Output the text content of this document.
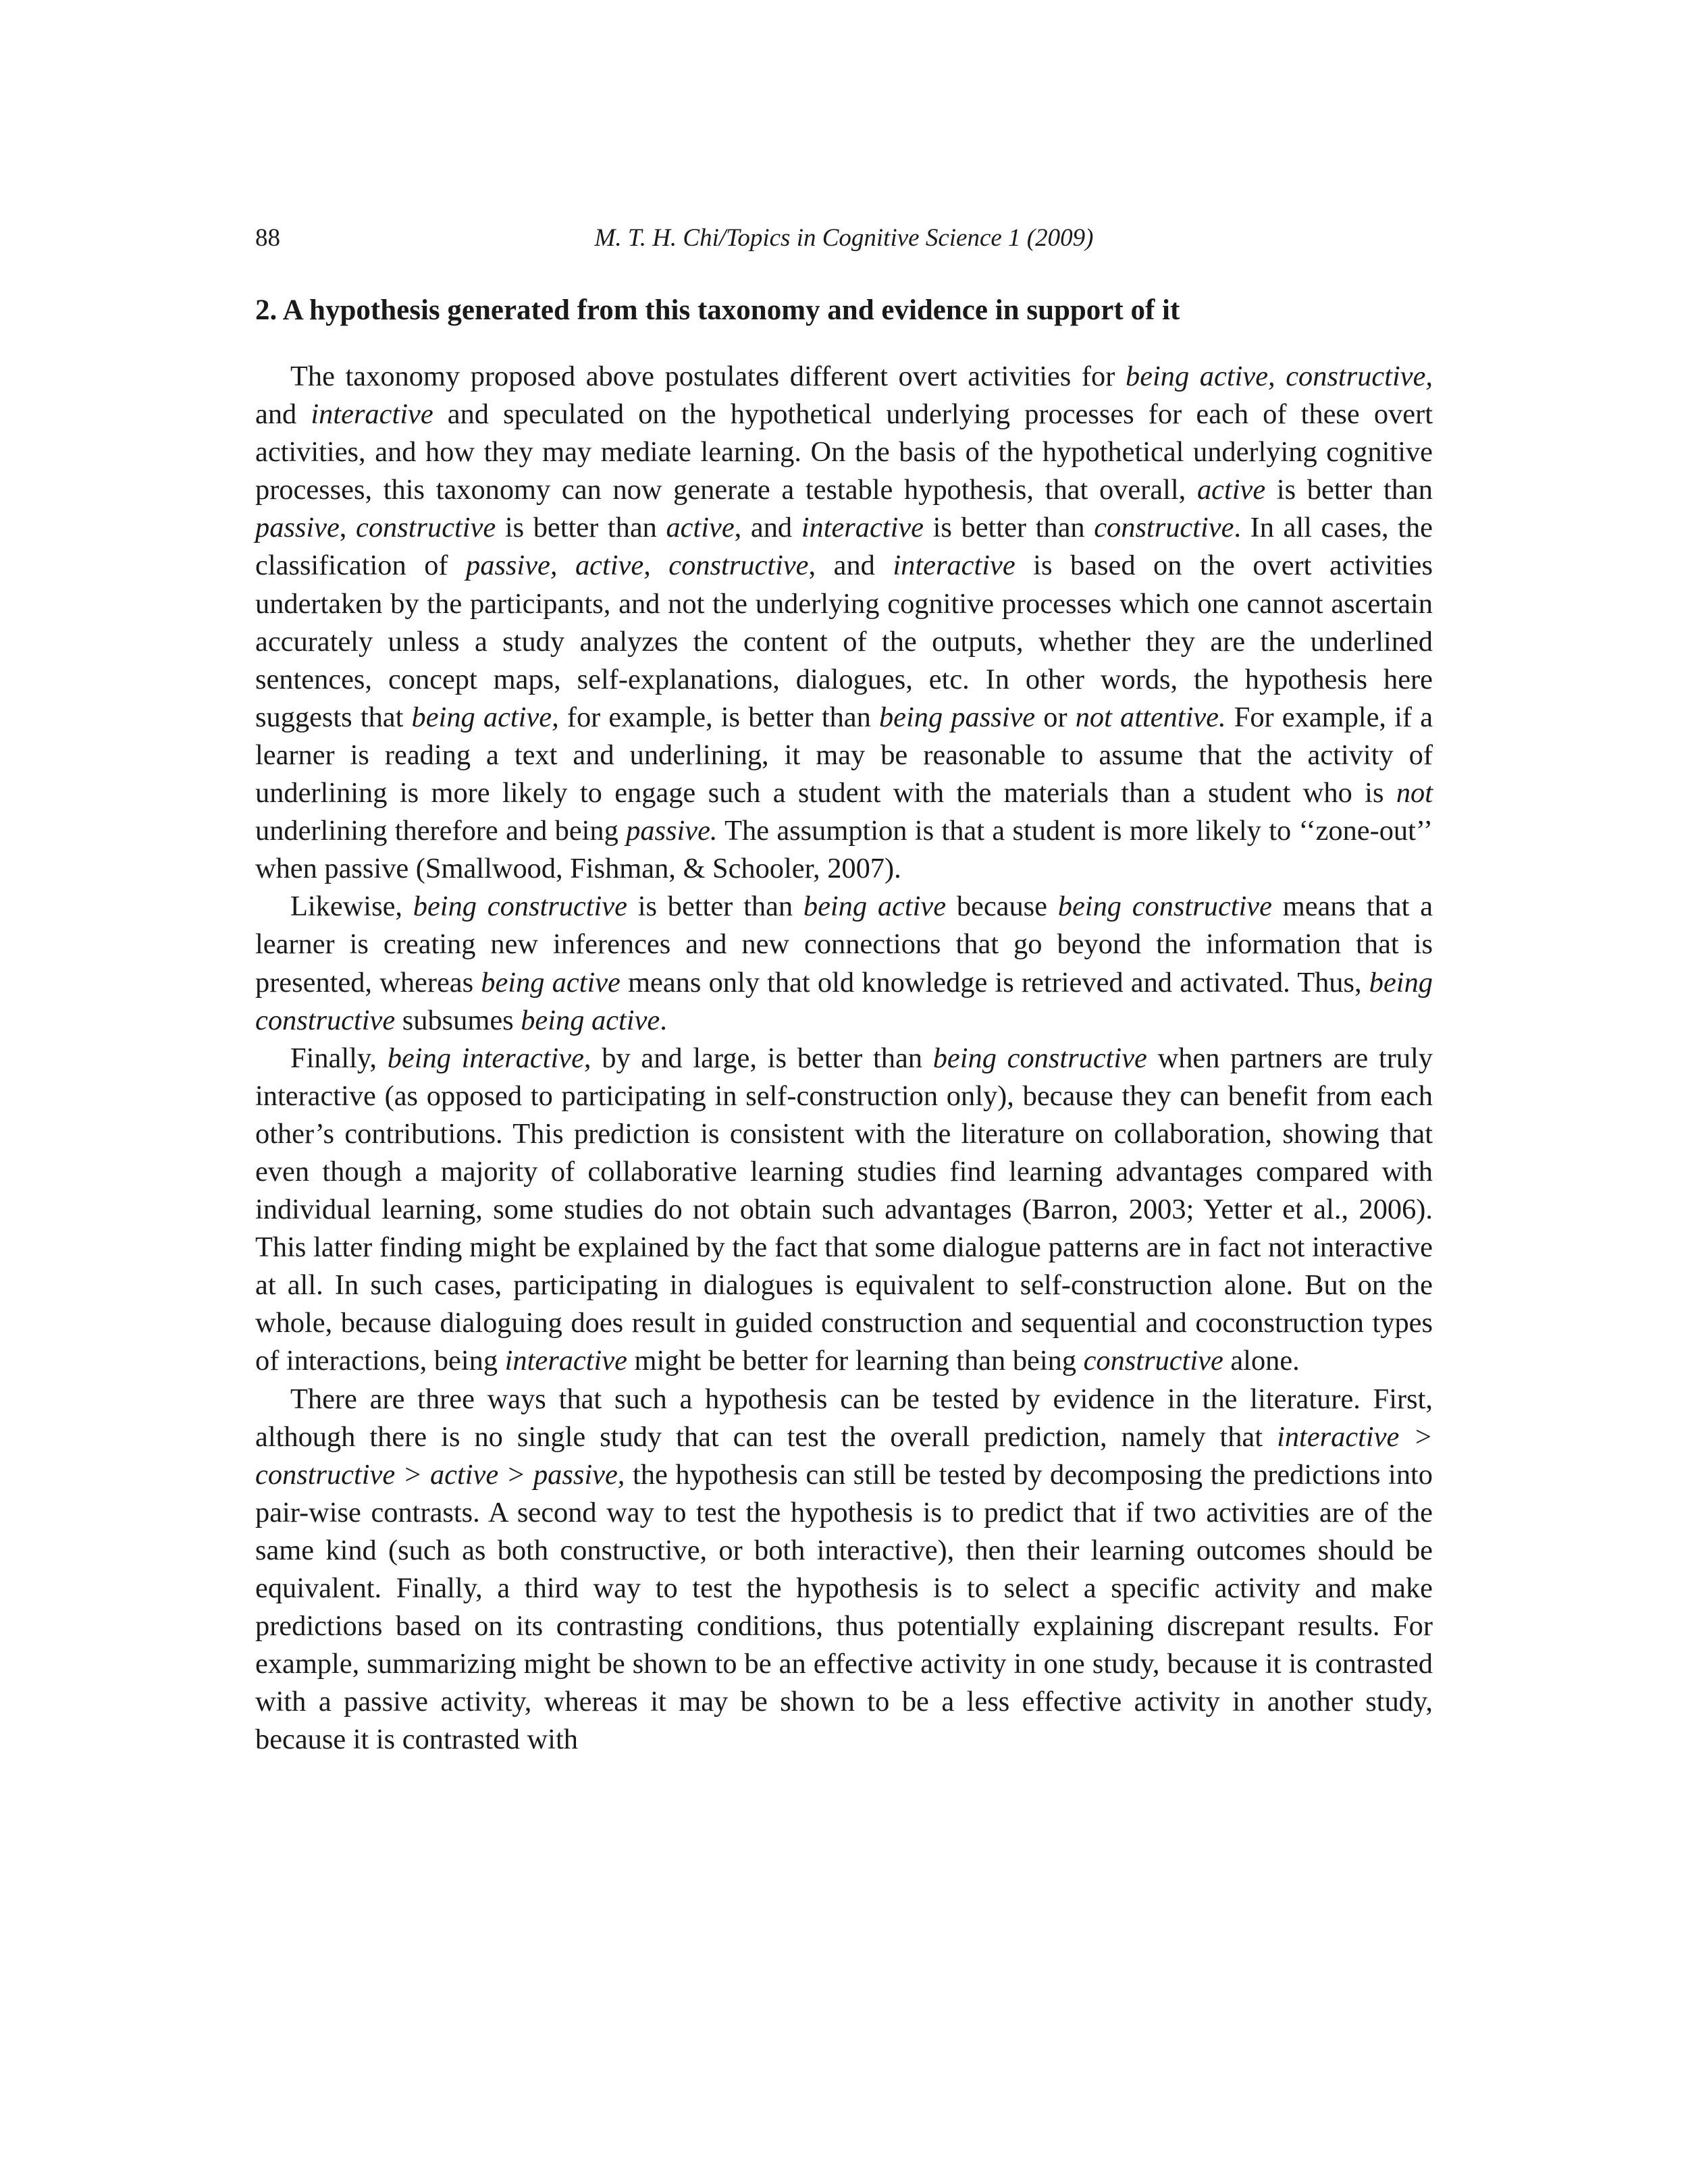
88	M. T. H. Chi/Topics in Cognitive Science 1 (2009)
2. A hypothesis generated from this taxonomy and evidence in support of it

The taxonomy proposed above postulates different overt activities for being active, constructive, and interactive and speculated on the hypothetical underlying processes for each of these overt activities, and how they may mediate learning. On the basis of the hypothetical underlying cognitive processes, this taxonomy can now generate a testable hypothesis, that overall, active is better than passive, constructive is better than active, and interactive is better than constructive. In all cases, the classification of passive, active, constructive, and interactive is based on the overt activities undertaken by the participants, and not the underlying cognitive processes which one cannot ascertain accurately unless a study analyzes the content of the outputs, whether they are the underlined sentences, concept maps, self-explanations, dialogues, etc. In other words, the hypothesis here suggests that being active, for example, is better than being passive or not attentive. For example, if a learner is reading a text and underlining, it may be reasonable to assume that the activity of underlining is more likely to engage such a student with the materials than a student who is not underlining therefore and being passive. The assumption is that a student is more likely to ‘‘zone-out’’ when passive (Smallwood, Fishman, & Schooler, 2007).

Likewise, being constructive is better than being active because being constructive means that a learner is creating new inferences and new connections that go beyond the information that is presented, whereas being active means only that old knowledge is retrieved and activated. Thus, being constructive subsumes being active.

Finally, being interactive, by and large, is better than being constructive when partners are truly interactive (as opposed to participating in self-construction only), because they can benefit from each other’s contributions. This prediction is consistent with the literature on collaboration, showing that even though a majority of collaborative learning studies find learning advantages compared with individual learning, some studies do not obtain such advantages (Barron, 2003; Yetter et al., 2006). This latter finding might be explained by the fact that some dialogue patterns are in fact not interactive at all. In such cases, participating in dialogues is equivalent to self-construction alone. But on the whole, because dialoguing does result in guided construction and sequential and coconstruction types of interactions, being interactive might be better for learning than being constructive alone.

There are three ways that such a hypothesis can be tested by evidence in the literature. First, although there is no single study that can test the overall prediction, namely that interactive > constructive > active > passive, the hypothesis can still be tested by decomposing the predictions into pair-wise contrasts. A second way to test the hypothesis is to predict that if two activities are of the same kind (such as both constructive, or both interactive), then their learning outcomes should be equivalent. Finally, a third way to test the hypothesis is to select a specific activity and make predictions based on its contrasting conditions, thus potentially explaining discrepant results. For example, summarizing might be shown to be an effective activity in one study, because it is contrasted with a passive activity, whereas it may be shown to be a less effective activity in another study, because it is contrasted with
